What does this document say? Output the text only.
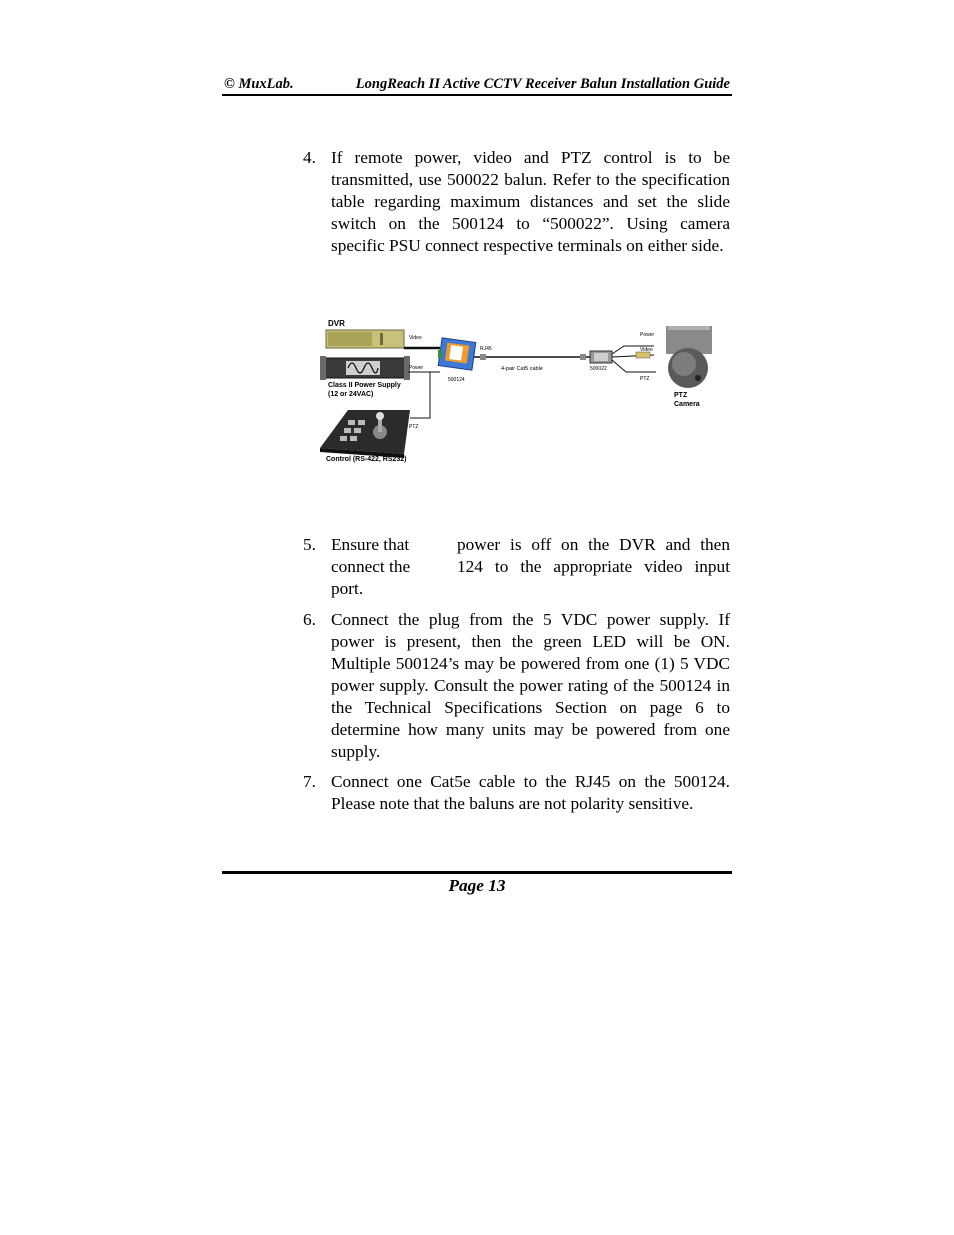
© MuxLab.	LongReach II Active CCTV Receiver Balun Installation Guide
4. If remote power, video and PTZ control is to be transmitted, use 500022 balun. Refer to the specification table regarding maximum distances and set the slide switch on the 500124 to “500022”. Using camera specific PSU connect respective terminals on either side.
DVR
Class II Power Supply
(12 or 24VAC)
Control (RS-422, RS232)
Video
Power
PTZ
500124
RJ45
4-pair Cat5 cable	500022
Power
Video
PTZ
PTZ
Camera
5. Ensure that	power is off on the DVR and then
connect the	124 to the appropriate video input
port.
6. Connect the plug from the 5 VDC power supply. If power is present, then the green LED will be ON. Multiple 500124’s may be powered from one (1) 5 VDC power supply. Consult the power rating of the 500124 in the Technical Specifications Section on page 6 to determine how many units may be powered from one supply.
7. Connect one Cat5e cable to the RJ45 on the 500124. Please note that the baluns are not polarity sensitive.
Page 13
